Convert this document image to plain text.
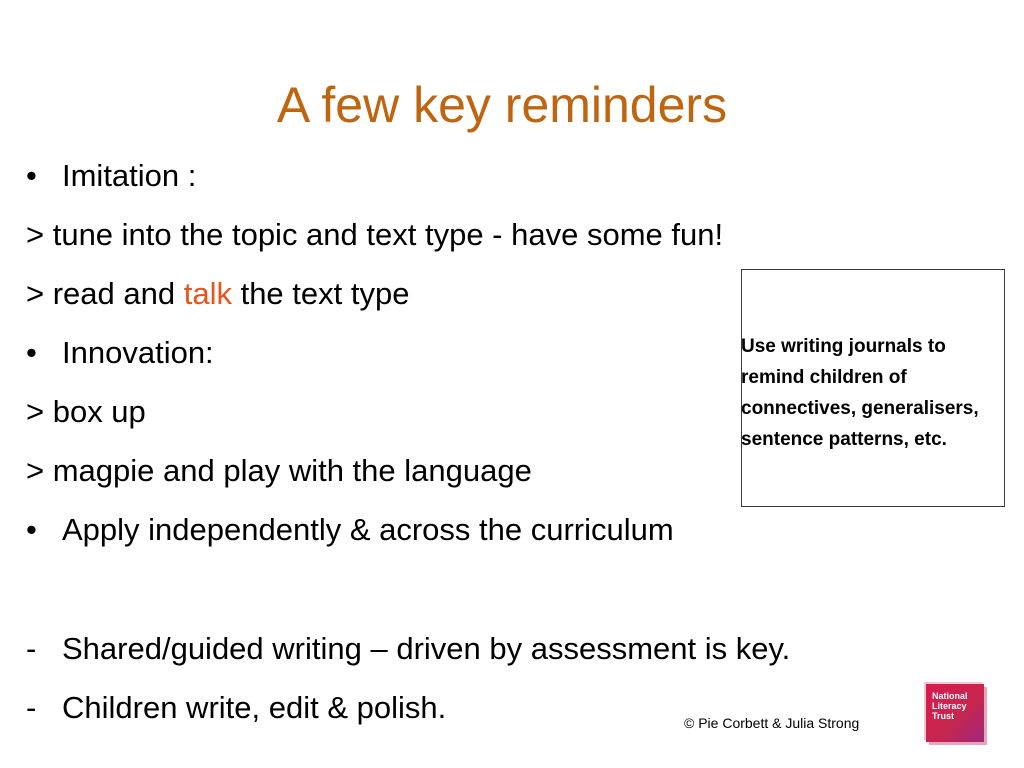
A few key reminders
• Imitation :
> tune into the topic and text type - have some fun!
> read and talk the text type
• Innovation:
> box up
> magpie and play with the language
• Apply independently & across the curriculum
- Shared/guided writing – driven by assessment is key.
- Children write, edit & polish.
Use writing journals to
remind children of
connectives, generalisers,
sentence patterns, etc.
© Pie Corbett & Julia Strong
National
Literacy
Trust
